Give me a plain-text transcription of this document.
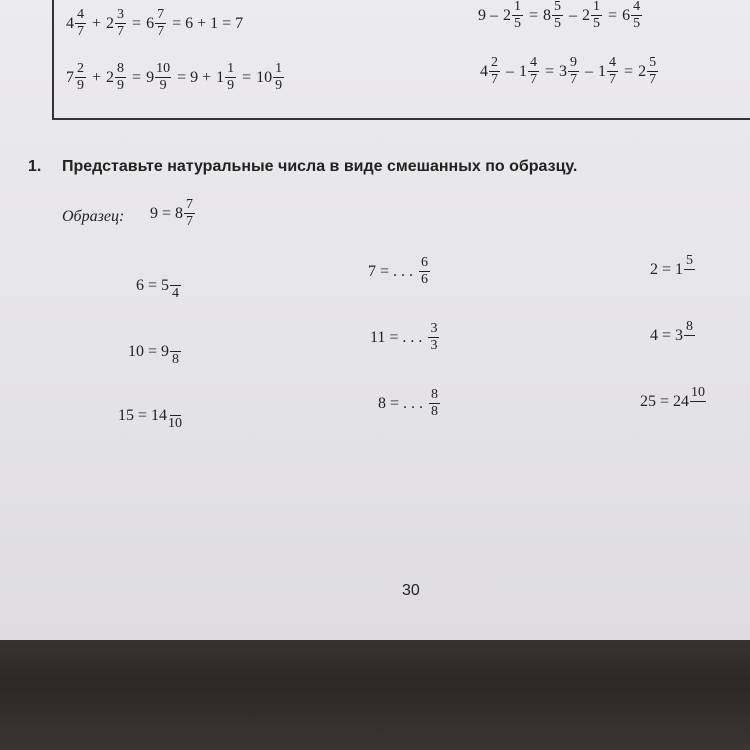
$4 \frac{4}{7} + 2 \frac{3}{7} = 6 \frac{7}{7} = 6 + 1 = 7$
$7 \frac{2}{9} + 2 \frac{8}{9} = 9 \frac{10}{9} = 9 + 1 \frac{1}{9} = 10 \frac{1}{9}$
$9 - 2 \frac{1}{5} = 8 \frac{5}{5} - 2 \frac{1}{5} = 6 \frac{4}{5}$
$4 \frac{2}{7} - 1 \frac{4}{7} = 3 \frac{9}{7} - 1 \frac{4}{7} = 2 \frac{5}{7}$
1. Представьте натуральные числа в виде смешанных по образцу.
Образец: $9 = 8 \frac{7}{7}$
6 = 5 4
7 = . . . $\frac{6}{6}$	2 = 1 5
10 = 9 8
11 = . . . $\frac{3}{3}$	4 = 3 8
15 = 14 10
8 = . . . $\frac{8}{8}$	25 = 24 10
30
